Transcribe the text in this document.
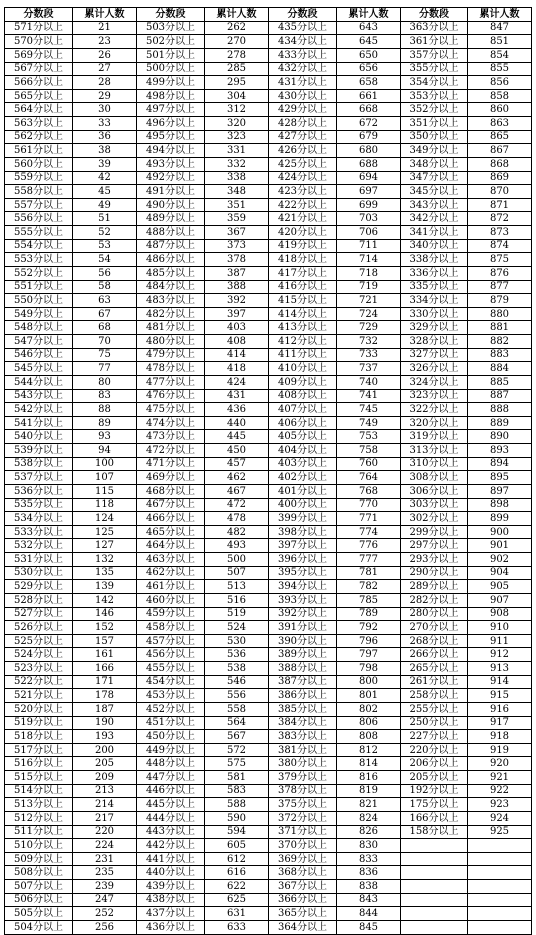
分数段	累计人数	分数段	累计人数	分数段	累计人数	分数段	累计人数
571分以上	21	503分以上	262	435分以上	643	363分以上	847
570分以上	23	502分以上	270	434分以上	645	361分以上	851
569分以上	26	501分以上	278	433分以上	650	357分以上	854
567分以上	27	500分以上	285	432分以上	656	355分以上	855
566分以上	28	499分以上	295	431分以上	658	354分以上	856
565分以上	29	498分以上	304	430分以上	661	353分以上	858
564分以上	30	497分以上	312	429分以上	668	352分以上	860
563分以上	33	496分以上	320	428分以上	672	351分以上	863
562分以上	36	495分以上	323	427分以上	679	350分以上	865
561分以上	38	494分以上	331	426分以上	680	349分以上	867
560分以上	39	493分以上	332	425分以上	688	348分以上	868
559分以上	42	492分以上	338	424分以上	694	347分以上	869
558分以上	45	491分以上	348	423分以上	697	345分以上	870
557分以上	49	490分以上	351	422分以上	699	343分以上	871
556分以上	51	489分以上	359	421分以上	703	342分以上	872
555分以上	52	488分以上	367	420分以上	706	341分以上	873
554分以上	53	487分以上	373	419分以上	711	340分以上	874
553分以上	54	486分以上	378	418分以上	714	338分以上	875
552分以上	56	485分以上	387	417分以上	718	336分以上	876
551分以上	58	484分以上	388	416分以上	719	335分以上	877
550分以上	63	483分以上	392	415分以上	721	334分以上	879
549分以上	67	482分以上	397	414分以上	724	330分以上	880
548分以上	68	481分以上	403	413分以上	729	329分以上	881
547分以上	70	480分以上	408	412分以上	732	328分以上	882
546分以上	75	479分以上	414	411分以上	733	327分以上	883
545分以上	77	478分以上	418	410分以上	737	326分以上	884
544分以上	80	477分以上	424	409分以上	740	324分以上	885
543分以上	83	476分以上	431	408分以上	741	323分以上	887
542分以上	88	475分以上	436	407分以上	745	322分以上	888
541分以上	89	474分以上	440	406分以上	749	320分以上	889
540分以上	93	473分以上	445	405分以上	753	319分以上	890
539分以上	94	472分以上	450	404分以上	758	313分以上	893
538分以上	100	471分以上	457	403分以上	760	310分以上	894
537分以上	107	469分以上	462	402分以上	764	308分以上	895
536分以上	115	468分以上	467	401分以上	768	306分以上	897
535分以上	118	467分以上	472	400分以上	770	303分以上	898
534分以上	124	466分以上	478	399分以上	771	302分以上	899
533分以上	125	465分以上	482	398分以上	774	299分以上	900
532分以上	127	464分以上	493	397分以上	776	297分以上	901
531分以上	132	463分以上	500	396分以上	777	293分以上	902
530分以上	135	462分以上	507	395分以上	781	290分以上	904
529分以上	139	461分以上	513	394分以上	782	289分以上	905
528分以上	142	460分以上	516	393分以上	785	282分以上	907
527分以上	146	459分以上	519	392分以上	789	280分以上	908
526分以上	152	458分以上	524	391分以上	792	270分以上	910
525分以上	157	457分以上	530	390分以上	796	268分以上	911
524分以上	161	456分以上	536	389分以上	797	266分以上	912
523分以上	166	455分以上	538	388分以上	798	265分以上	913
522分以上	171	454分以上	546	387分以上	800	261分以上	914
521分以上	178	453分以上	556	386分以上	801	258分以上	915
520分以上	187	452分以上	558	385分以上	802	255分以上	916
519分以上	190	451分以上	564	384分以上	806	250分以上	917
518分以上	193	450分以上	567	383分以上	808	227分以上	918
517分以上	200	449分以上	572	381分以上	812	220分以上	919
516分以上	205	448分以上	575	380分以上	814	206分以上	920
515分以上	209	447分以上	581	379分以上	816	205分以上	921
514分以上	213	446分以上	583	378分以上	819	192分以上	922
513分以上	214	445分以上	588	375分以上	821	175分以上	923
512分以上	217	444分以上	590	372分以上	824	166分以上	924
511分以上	220	443分以上	594	371分以上	826	158分以上	925
510分以上	224	442分以上	605	370分以上	830		
509分以上	231	441分以上	612	369分以上	833		
508分以上	235	440分以上	616	368分以上	836		
507分以上	239	439分以上	622	367分以上	838		
506分以上	247	438分以上	625	366分以上	843		
505分以上	252	437分以上	631	365分以上	844		
504分以上	256	436分以上	633	364分以上	845		
